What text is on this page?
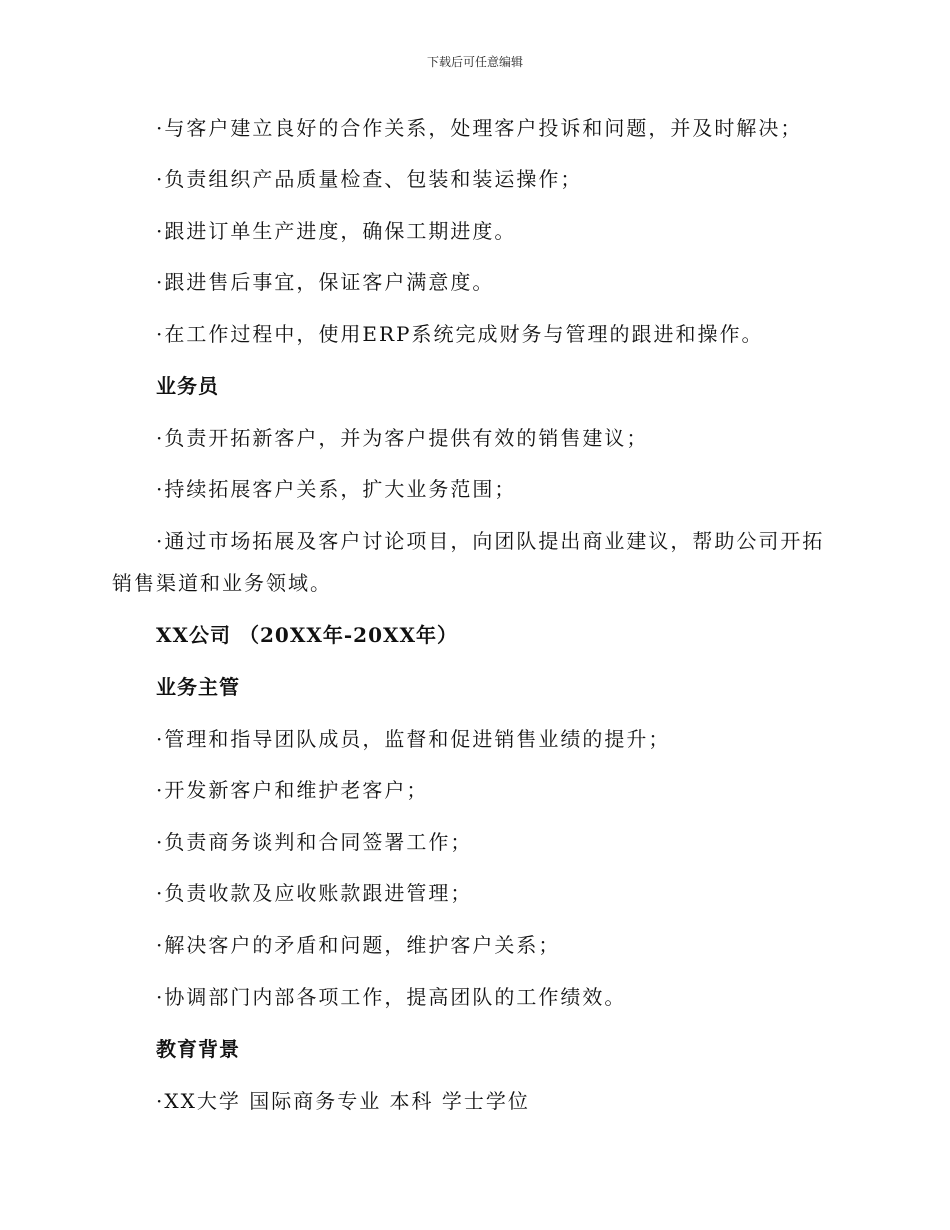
下载后可任意编辑
·与客户建立良好的合作关系，处理客户投诉和问题，并及时解决；
·负责组织产品质量检查、包装和装运操作；
·跟进订单生产进度，确保工期进度。
·跟进售后事宜，保证客户满意度。
·在工作过程中，使用ERP系统完成财务与管理的跟进和操作。
业务员
·负责开拓新客户，并为客户提供有效的销售建议；
·持续拓展客户关系，扩大业务范围；
·通过市场拓展及客户讨论项目，向团队提出商业建议，帮助公司开拓
销售渠道和业务领域。
XX公司 （20XX年-20XX年）
业务主管
·管理和指导团队成员，监督和促进销售业绩的提升；
·开发新客户和维护老客户；
·负责商务谈判和合同签署工作；
·负责收款及应收账款跟进管理；
·解决客户的矛盾和问题，维护客户关系；
·协调部门内部各项工作，提高团队的工作绩效。
教育背景
·XX大学 国际商务专业 本科 学士学位
